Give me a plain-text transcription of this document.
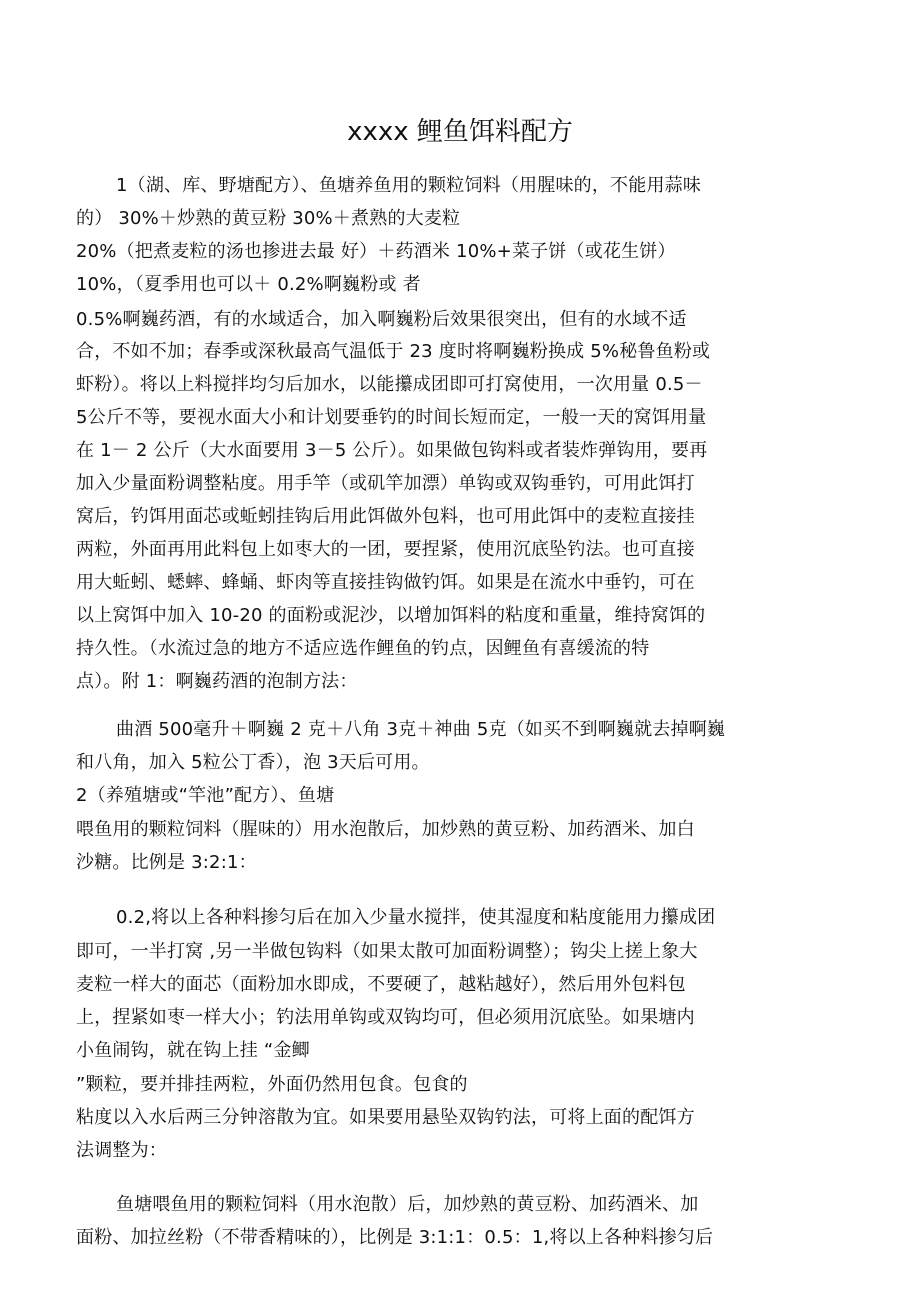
xxxx 鲤鱼饵料配方
1（湖、库、野塘配方）、鱼塘养鱼用的颗粒饲料（用腥味的，不能用蒜味
的） 30%＋炒熟的黄豆粉 30%＋煮熟的大麦粒
20%（把煮麦粒的汤也掺进去最 好）＋药酒米 10%+菜子饼（或花生饼）
10%，（夏季用也可以＋ 0.2%啊巍粉或 者
0.5%啊巍药酒，有的水域适合，加入啊巍粉后效果很突出，但有的水域不适
合，不如不加；春季或深秋最高气温低于 23 度时将啊巍粉换成 5%秘鲁鱼粉或
虾粉）。将以上料搅拌均匀后加水，以能攥成团即可打窝使用，一次用量 0.5－
5公斤不等，要视水面大小和计划要垂钓的时间长短而定，一般一天的窝饵用量
在 1－ 2 公斤（大水面要用 3－5 公斤）。如果做包钩料或者装炸弹钩用，要再
加入少量面粉调整粘度。用手竿（或矶竿加漂）单钩或双钩垂钓，可用此饵打
窝后，钓饵用面芯或蚯蚓挂钩后用此饵做外包料，也可用此饵中的麦粒直接挂
两粒，外面再用此料包上如枣大的一团，要捏紧，使用沉底坠钓法。也可直接
用大蚯蚓、蟋蟀、蜂蛹、虾肉等直接挂钩做钓饵。如果是在流水中垂钓，可在
以上窝饵中加入 10-20 的面粉或泥沙，以增加饵料的粘度和重量，维持窝饵的
持久性。（水流过急的地方不适应选作鲤鱼的钓点，因鲤鱼有喜缓流的特
点）。附 1：啊巍药酒的泡制方法：
曲酒 500毫升＋啊巍 2 克＋八角 3克＋神曲 5克（如买不到啊巍就去掉啊巍
和八角，加入 5粒公丁香），泡 3天后可用。
2（养殖塘或“竿池”配方）、鱼塘
喂鱼用的颗粒饲料（腥味的）用水泡散后，加炒熟的黄豆粉、加药酒米、加白
沙糖。比例是 3:2:1：
0.2,将以上各种料掺匀后在加入少量水搅拌，使其湿度和粘度能用力攥成团
即可，一半打窝 ,另一半做包钩料（如果太散可加面粉调整）；钩尖上搓上象大
麦粒一样大的面芯（面粉加水即成，不要硬了，越粘越好），然后用外包料包
上，捏紧如枣一样大小；钓法用单钩或双钩均可，但必须用沉底坠。如果塘内
小鱼闹钩，就在钩上挂 “金鲫
”颗粒，要并排挂两粒，外面仍然用包食。包食的
粘度以入水后两三分钟溶散为宜。如果要用悬坠双钩钓法，可将上面的配饵方
法调整为：
鱼塘喂鱼用的颗粒饲料（用水泡散）后，加炒熟的黄豆粉、加药酒米、加
面粉、加拉丝粉（不带香精味的），比例是 3:1:1：0.5：1,将以上各种料掺匀后
